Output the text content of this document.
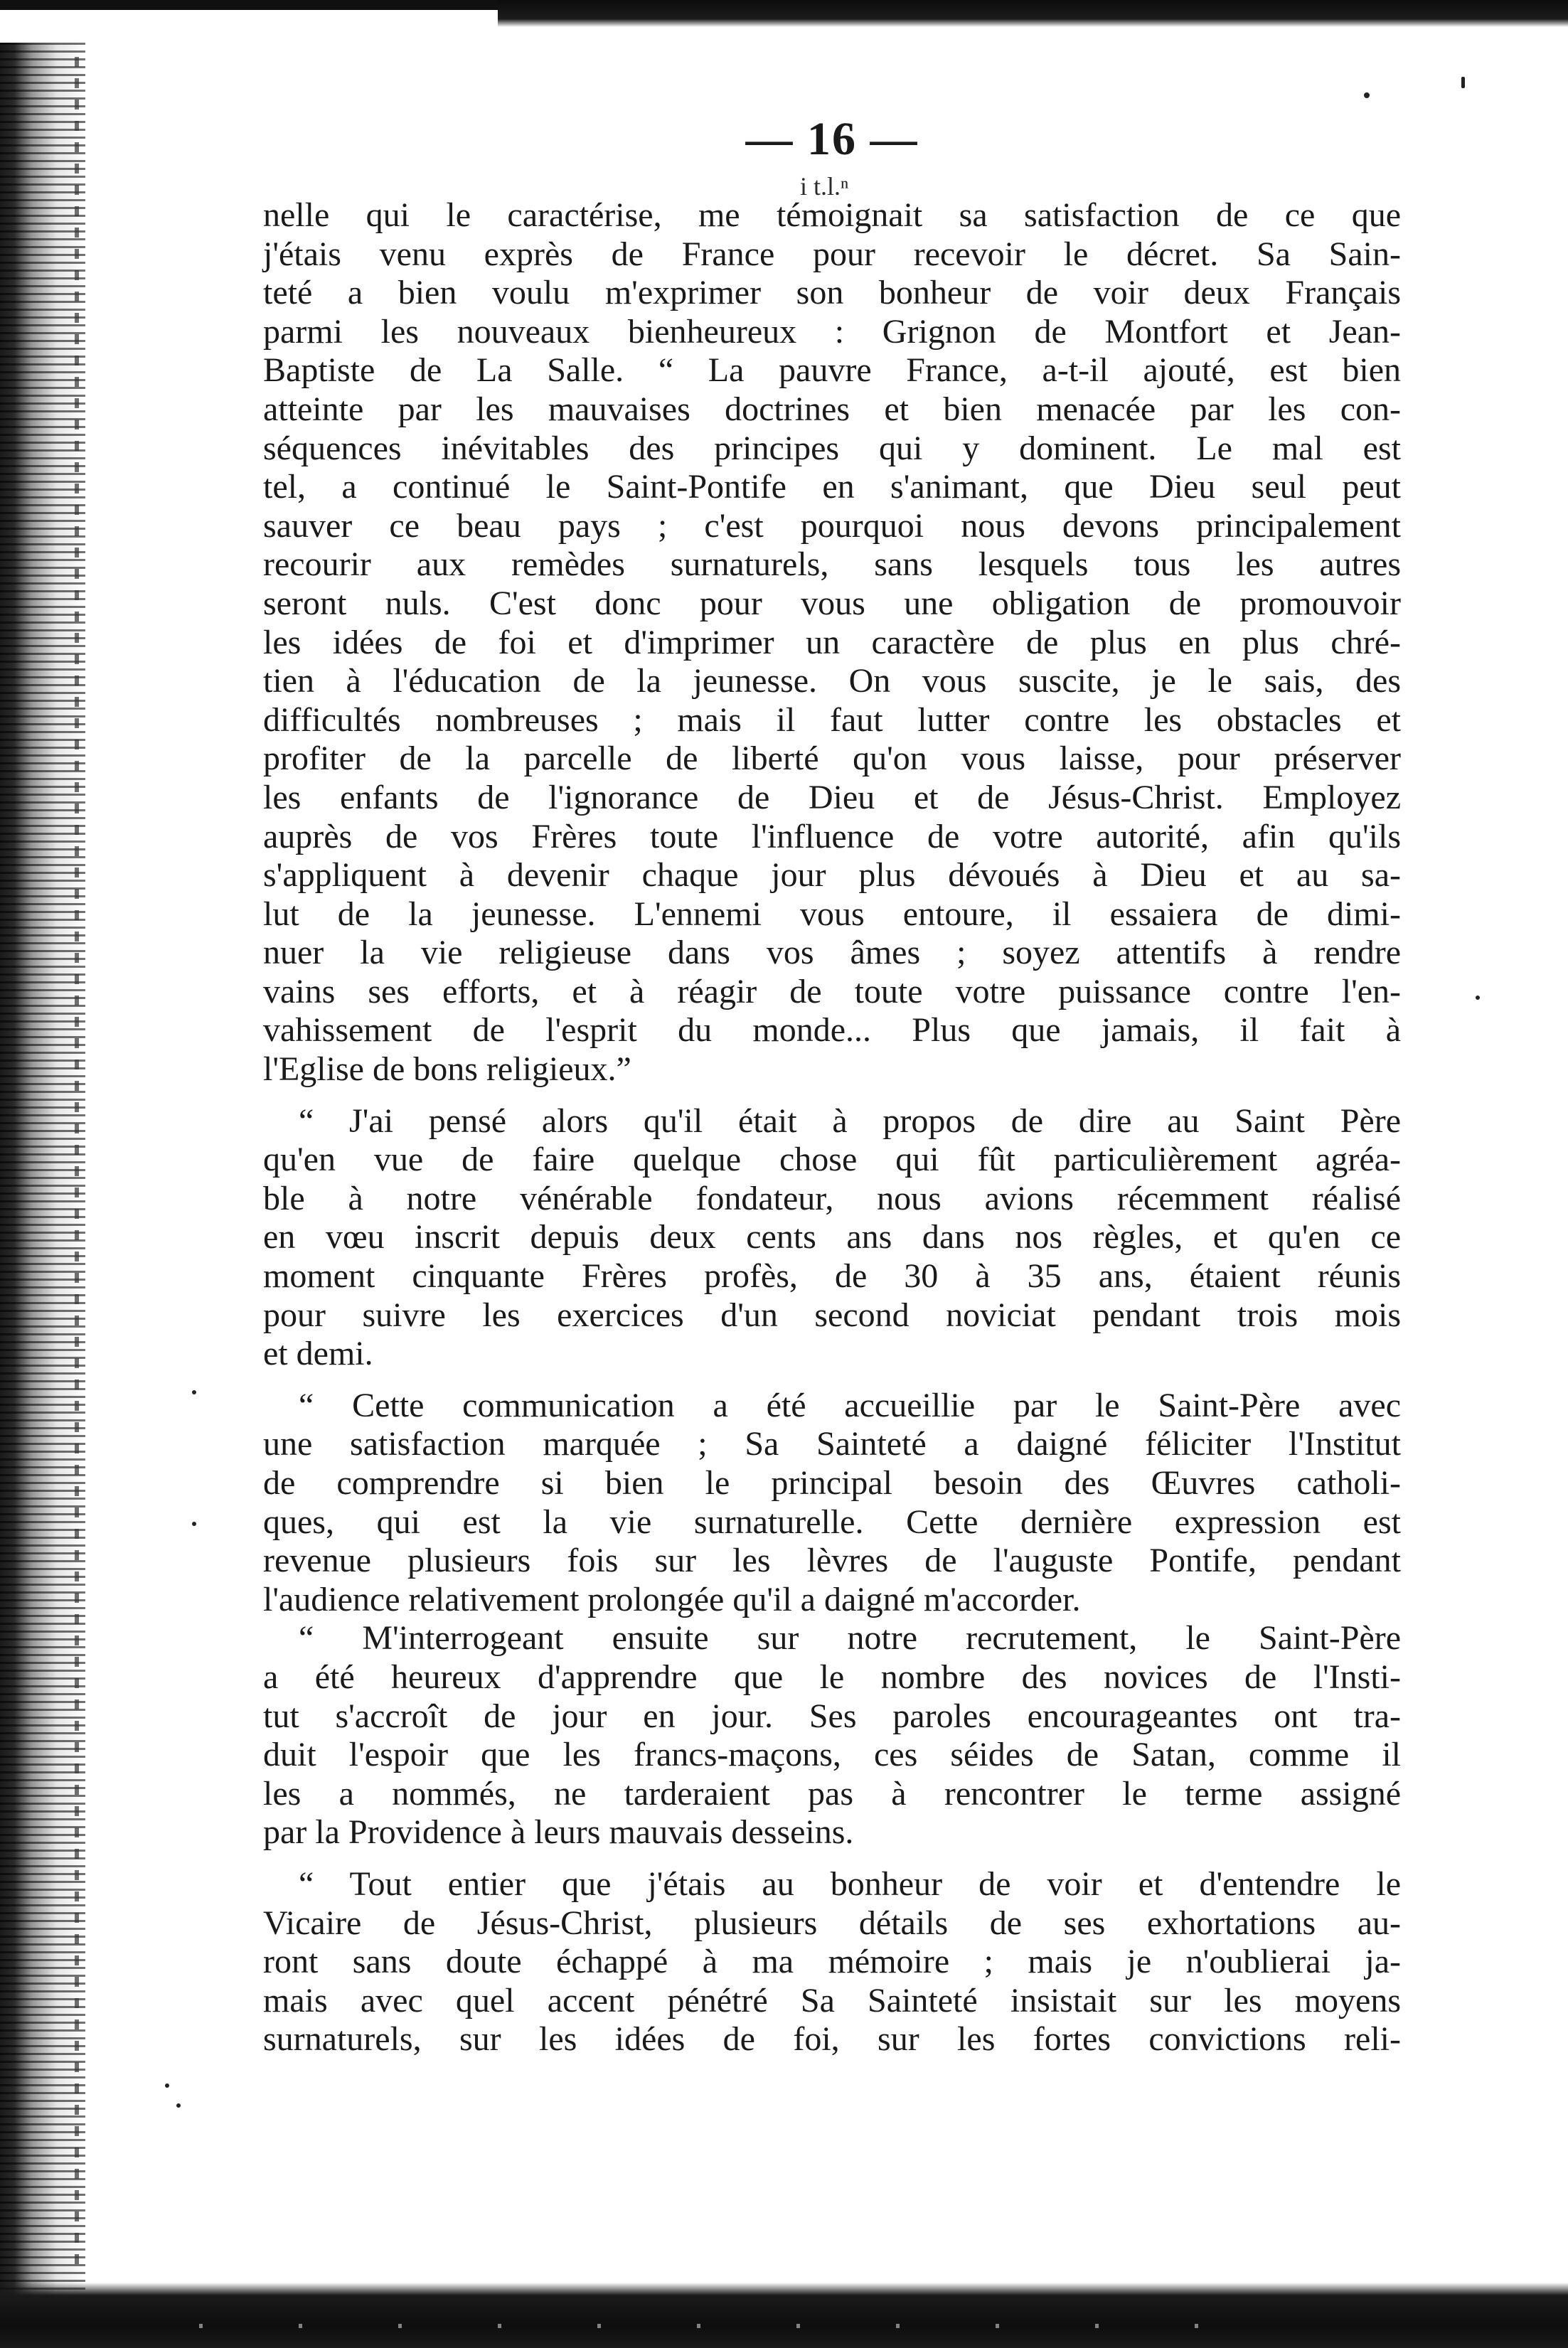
— 16 —
i t.l.ⁿ
nelle qui le caractérise, me témoignait sa satisfaction de ce que
j'étais venu exprès de France pour recevoir le décret. Sa Sain-
teté a bien voulu m'exprimer son bonheur de voir deux Français
parmi les nouveaux bienheureux : Grignon de Montfort et Jean-
Baptiste de La Salle. “ La pauvre France, a-t-il ajouté, est bien
atteinte par les mauvaises doctrines et bien menacée par les con-
séquences inévitables des principes qui y dominent. Le mal est
tel, a continué le Saint-Pontife en s'animant, que Dieu seul peut
sauver ce beau pays ; c'est pourquoi nous devons principalement
recourir aux remèdes surnaturels, sans lesquels tous les autres
seront nuls. C'est donc pour vous une obligation de promouvoir
les idées de foi et d'imprimer un caractère de plus en plus chré-
tien à l'éducation de la jeunesse. On vous suscite, je le sais, des
difficultés nombreuses ; mais il faut lutter contre les obstacles et
profiter de la parcelle de liberté qu'on vous laisse, pour préserver
les enfants de l'ignorance de Dieu et de Jésus-Christ. Employez
auprès de vos Frères toute l'influence de votre autorité, afin qu'ils
s'appliquent à devenir chaque jour plus dévoués à Dieu et au sa-
lut de la jeunesse. L'ennemi vous entoure, il essaiera de dimi-
nuer la vie religieuse dans vos âmes ; soyez attentifs à rendre
vains ses efforts, et à réagir de toute votre puissance contre l'en-
vahissement de l'esprit du monde... Plus que jamais, il fait à
l'Eglise de bons religieux.”
“ J'ai pensé alors qu'il était à propos de dire au Saint Père
qu'en vue de faire quelque chose qui fût particulièrement agréa-
ble à notre vénérable fondateur, nous avions récemment réalisé
en vœu inscrit depuis deux cents ans dans nos règles, et qu'en ce
moment cinquante Frères profès, de 30 à 35 ans, étaient réunis
pour suivre les exercices d'un second noviciat pendant trois mois
et demi.
“ Cette communication a été accueillie par le Saint-Père avec
une satisfaction marquée ; Sa Sainteté a daigné féliciter l'Institut
de comprendre si bien le principal besoin des Œuvres catholi-
ques, qui est la vie surnaturelle. Cette dernière expression est
revenue plusieurs fois sur les lèvres de l'auguste Pontife, pendant
l'audience relativement prolongée qu'il a daigné m'accorder.
“ M'interrogeant ensuite sur notre recrutement, le Saint-Père
a été heureux d'apprendre que le nombre des novices de l'Insti-
tut s'accroît de jour en jour. Ses paroles encourageantes ont tra-
duit l'espoir que les francs-maçons, ces séides de Satan, comme il
les a nommés, ne tarderaient pas à rencontrer le terme assigné
par la Providence à leurs mauvais desseins.
“ Tout entier que j'étais au bonheur de voir et d'entendre le
Vicaire de Jésus-Christ, plusieurs détails de ses exhortations au-
ront sans doute échappé à ma mémoire ; mais je n'oublierai ja-
mais avec quel accent pénétré Sa Sainteté insistait sur les moyens
surnaturels, sur les idées de foi, sur les fortes convictions reli-
